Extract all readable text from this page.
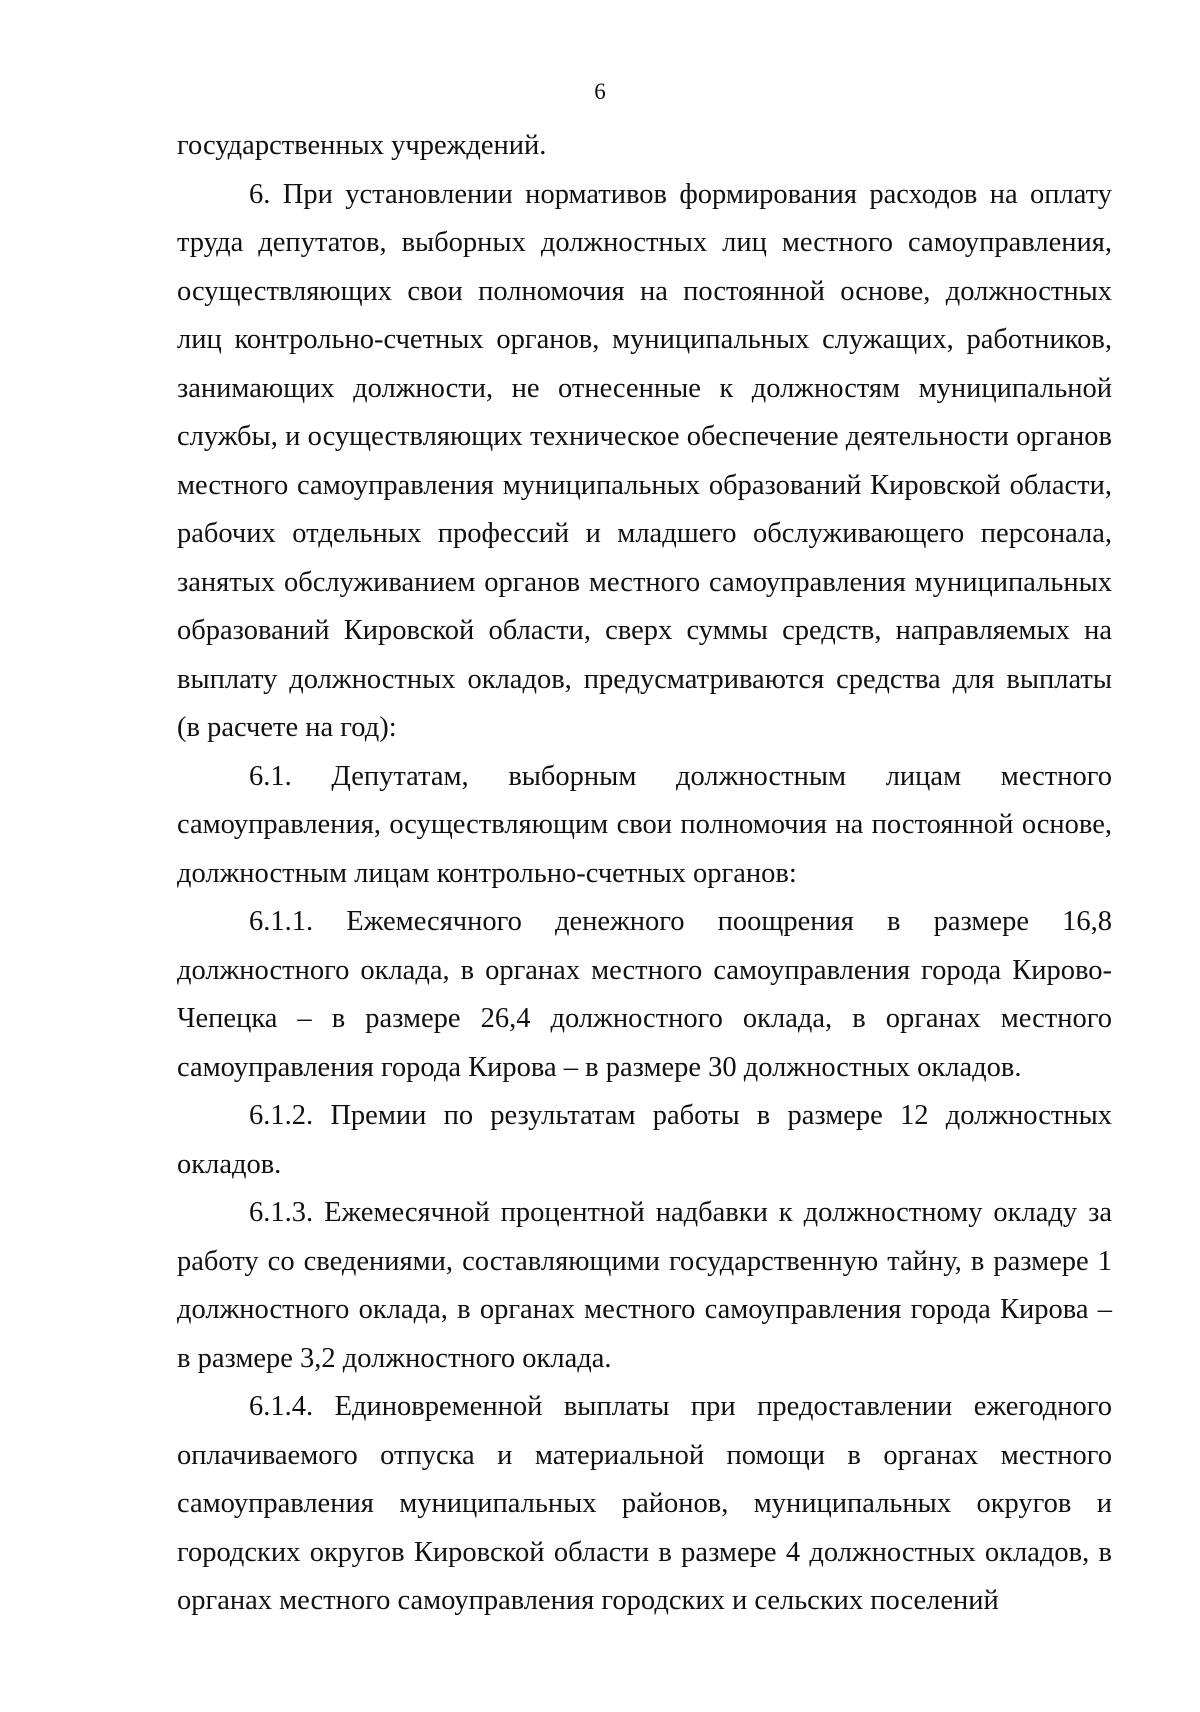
6

государственных учреждений.

6. При установлении нормативов формирования расходов на оплату труда депутатов, выборных должностных лиц местного самоуправления, осуществляющих свои полномочия на постоянной основе, должностных лиц контрольно-счетных органов, муниципальных служащих, работников, занимающих должности, не отнесенные к должностям муниципальной службы, и осуществляющих техническое обеспечение деятельности органов местного самоуправления муниципальных образований Кировской области, рабочих отдельных профессий и младшего обслуживающего персонала, занятых обслуживанием органов местного самоуправления муниципальных образований Кировской области, сверх суммы средств, направляемых на выплату должностных окладов, предусматриваются средства для выплаты (в расчете на год):

6.1. Депутатам, выборным должностным лицам местного самоуправления, осуществляющим свои полномочия на постоянной основе, должностным лицам контрольно-счетных органов:

6.1.1. Ежемесячного денежного поощрения в размере 16,8 должностного оклада, в органах местного самоуправления города Кирово-Чепецка – в размере 26,4 должностного оклада, в органах местного самоуправления города Кирова – в размере 30 должностных окладов.

6.1.2. Премии по результатам работы в размере 12 должностных окладов.

6.1.3. Ежемесячной процентной надбавки к должностному окладу за работу со сведениями, составляющими государственную тайну, в размере 1 должностного оклада, в органах местного самоуправления города Кирова – в размере 3,2 должностного оклада.

6.1.4. Единовременной выплаты при предоставлении ежегодного оплачиваемого отпуска и материальной помощи в органах местного самоуправления муниципальных районов, муниципальных округов и городских округов Кировской области в размере 4 должностных окладов, в органах местного самоуправления городских и сельских поселений
